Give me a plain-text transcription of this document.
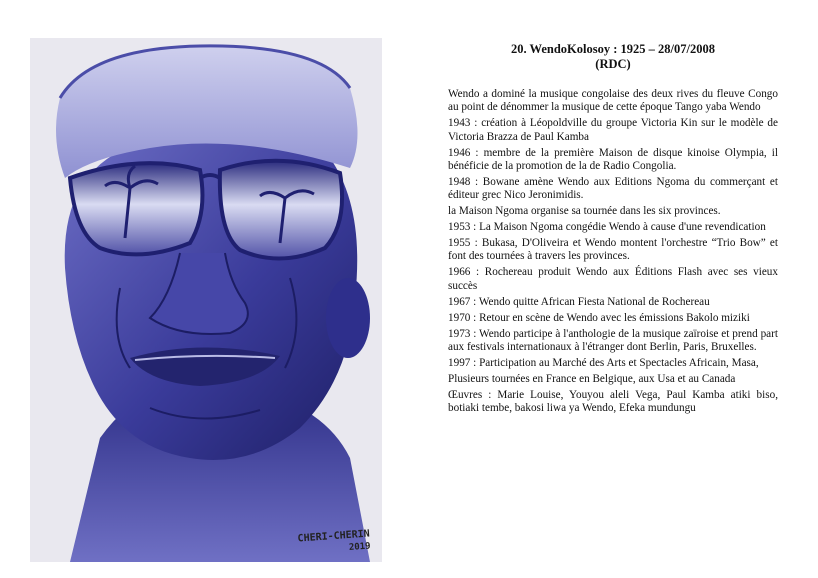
CHERI-CHERIN
2019
20. WendoKolosoy : 1925 – 28/07/2008
(RDC)

Wendo a dominé la musique congolaise des deux rives du fleuve Congo au point de dénommer la musique de cette époque Tango yaba Wendo

1943 : création à Léopoldville du groupe Victoria Kin sur le modèle de Victoria Brazza de Paul Kamba

1946 : membre de la première Maison de disque kinoise Olympia, il bénéficie de la promotion de la de Radio Congolia.

1948 : Bowane amène Wendo aux Editions Ngoma du commerçant et éditeur grec Nico Jeronimidis.

la Maison Ngoma organise sa tournée dans les six provinces.

1953 : La Maison Ngoma congédie Wendo à cause d'une revendication

1955 : Bukasa, D'Oliveira et Wendo montent l'orchestre “Trio Bow” et font des tournées à travers les provinces.

1966 : Rochereau produit Wendo aux Éditions Flash avec ses vieux succès

1967 : Wendo quitte African Fiesta National de Rochereau

1970 : Retour en scène de Wendo avec les émissions Bakolo miziki

1973 : Wendo participe à l'anthologie de la musique zaïroise et prend part aux festivals internationaux à l'étranger dont Berlin, Paris, Bruxelles.

1997 : Participation au Marché des Arts et Spectacles Africain, Masa,

Plusieurs tournées en France en Belgique, aux Usa et au Canada

Œuvres : Marie Louise, Youyou aleli Vega, Paul Kamba atiki biso, botiaki tembe, bakosi liwa ya Wendo, Efeka mundungu
